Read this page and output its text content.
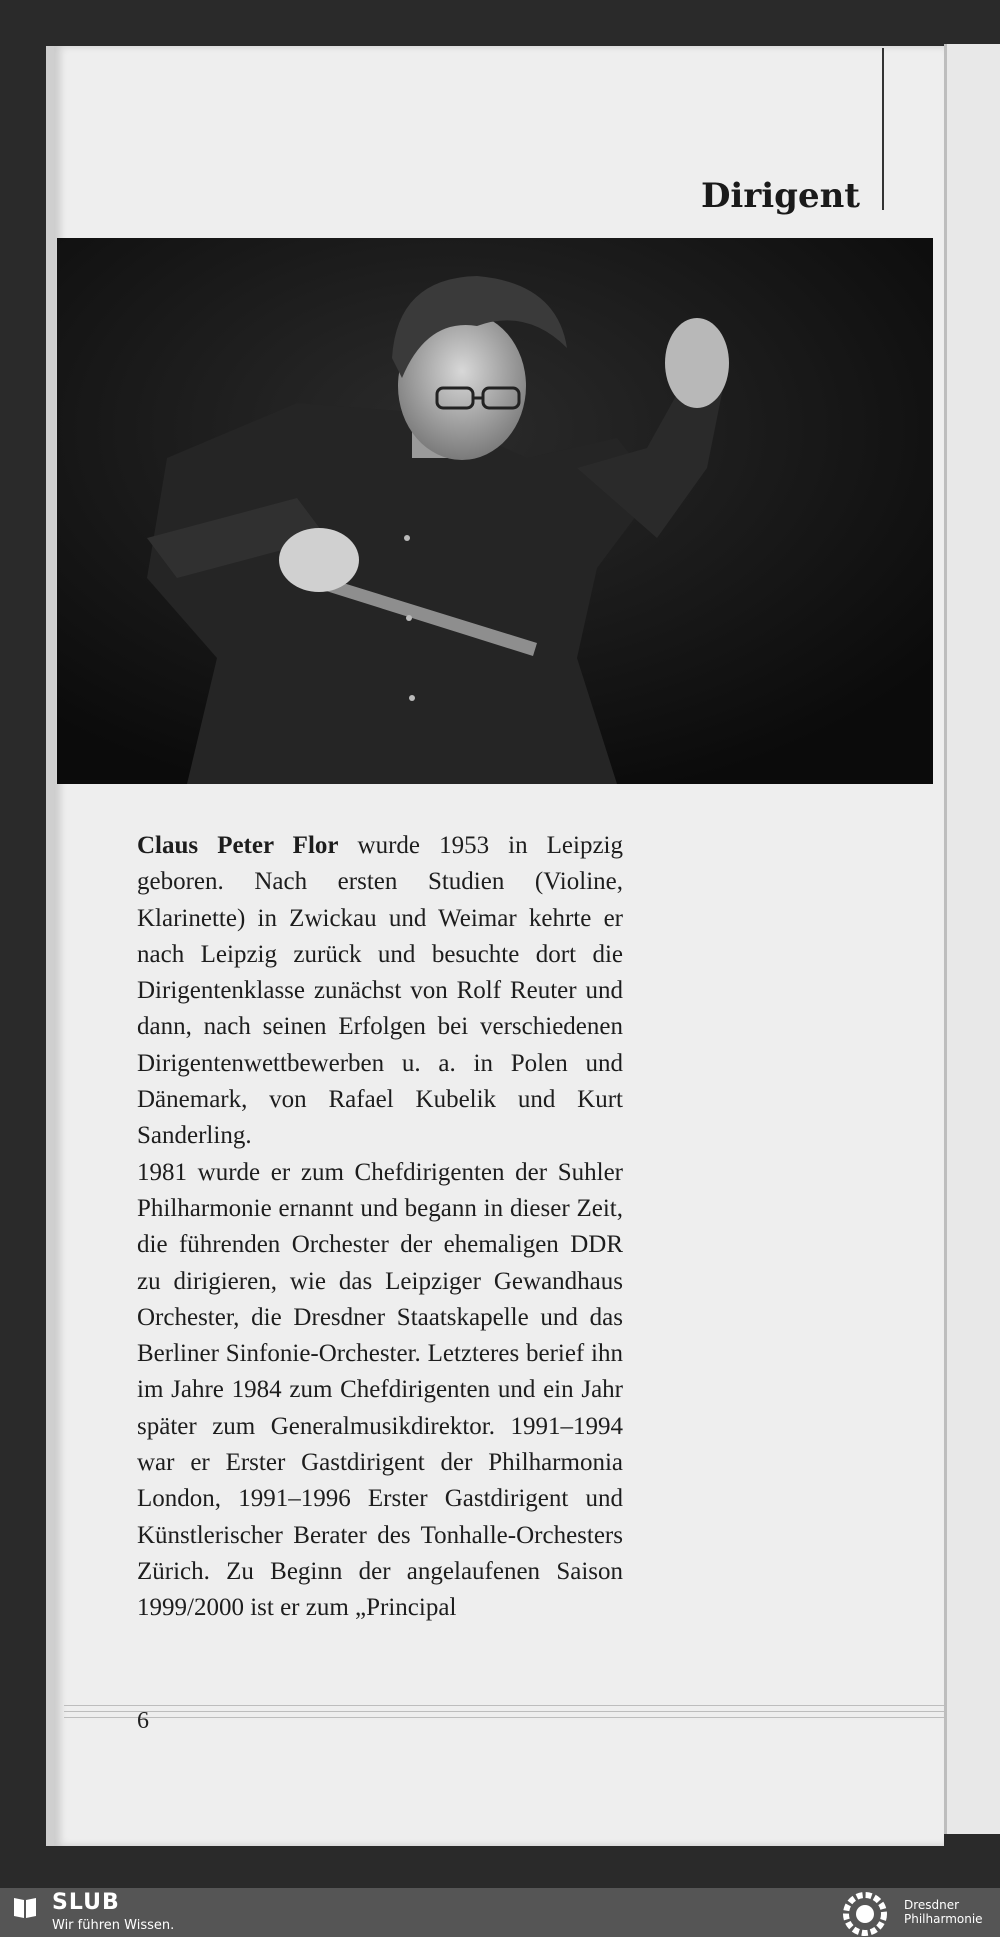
Dirigent

Claus Peter Flor wurde 1953 in Leipzig geboren. Nach ersten Studien (Violine, Klarinette) in Zwickau und Weimar kehrte er nach Leipzig zurück und besuchte dort die Dirigentenklasse zunächst von Rolf Reuter und dann, nach seinen Erfolgen bei verschiedenen Dirigentenwettbewerben u. a. in Polen und Dänemark, von Rafael Kubelik und Kurt Sanderling.

1981 wurde er zum Chefdirigenten der Suhler Philharmonie ernannt und begann in dieser Zeit, die führenden Orchester der ehemaligen DDR zu dirigieren, wie das Leipziger Gewandhaus Orchester, die Dresdner Staatskapelle und das Berliner Sinfonie-Orchester. Letzteres berief ihn im Jahre 1984 zum Chefdirigenten und ein Jahr später zum Generalmusikdirektor. 1991–1994 war er Erster Gastdirigent der Philharmonia London, 1991–1996 Erster Gastdirigent und Künstlerischer Berater des Tonhalle-Orchesters Zürich. Zu Beginn der angelaufenen Saison 1999/2000 ist er zum „Principal

6
SLUB
Wir führen Wissen.
Dresdner
Philharmonie
